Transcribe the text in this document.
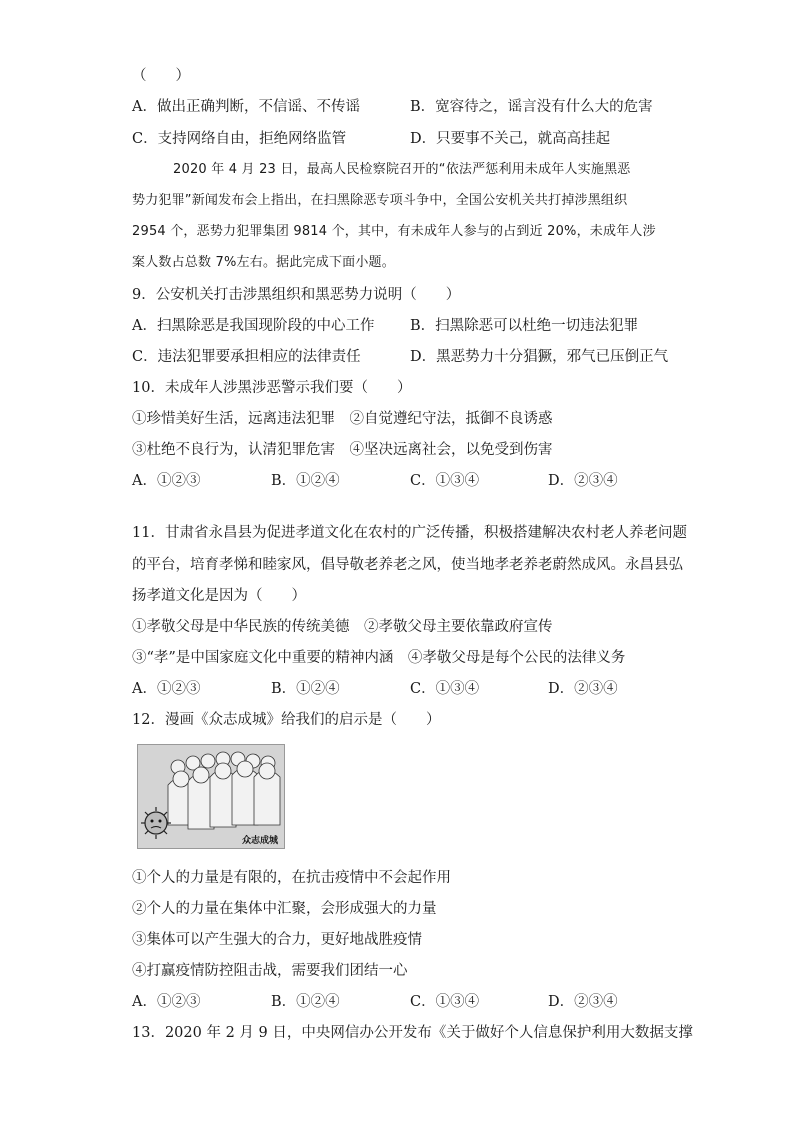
（　　）
A．做出正确判断，不信谣、不传谣	B．宽容待之，谣言没有什么大的危害
C．支持网络自由，拒绝网络监管	D．只要事不关己，就高高挂起
2020 年 4 月 23 日，最高人民检察院召开的“依法严惩利用未成年人实施黑恶
势力犯罪”新闻发布会上指出，在扫黑除恶专项斗争中，全国公安机关共打掉涉黑组织
2954 个，恶势力犯罪集团 9814 个，其中，有未成年人参与的占到近 20%，未成年人涉
案人数占总数 7%左右。据此完成下面小题。
9．公安机关打击涉黑组织和黑恶势力说明（　　）
A．扫黑除恶是我国现阶段的中心工作 B．扫黑除恶可以杜绝一切违法犯罪
C．违法犯罪要承担相应的法律责任	D．黑恶势力十分猖獗，邪气已压倒正气
10．未成年人涉黑涉恶警示我们要（　　）
①珍惜美好生活，远离违法犯罪　②自觉遵纪守法，抵御不良诱惑
③杜绝不良行为，认清犯罪危害　④坚决远离社会，以免受到伤害
A．①②③	B．①②④	C．①③④	D．②③④
11．甘肃省永昌县为促进孝道文化在农村的广泛传播，积极搭建解决农村老人养老问题
的平台，培育孝悌和睦家风，倡导敬老养老之风，使当地孝老养老蔚然成风。永昌县弘
扬孝道文化是因为（　　）
①孝敬父母是中华民族的传统美德　②孝敬父母主要依靠政府宣传
③“孝”是中国家庭文化中重要的精神内涵　④孝敬父母是每个公民的法律义务
A．①②③	B．①②④	C．①③④	D．②③④
12．漫画《众志成城》给我们的启示是（　　）
众志成城
①个人的力量是有限的，在抗击疫情中不会起作用
②个人的力量在集体中汇聚，会形成强大的力量
③集体可以产生强大的合力，更好地战胜疫情
④打赢疫情防控阻击战，需要我们团结一心
A．①②③	B．①②④	C．①③④	D．②③④
13．2020 年 2 月 9 日，中央网信办公开发布《关于做好个人信息保护利用大数据支撑
